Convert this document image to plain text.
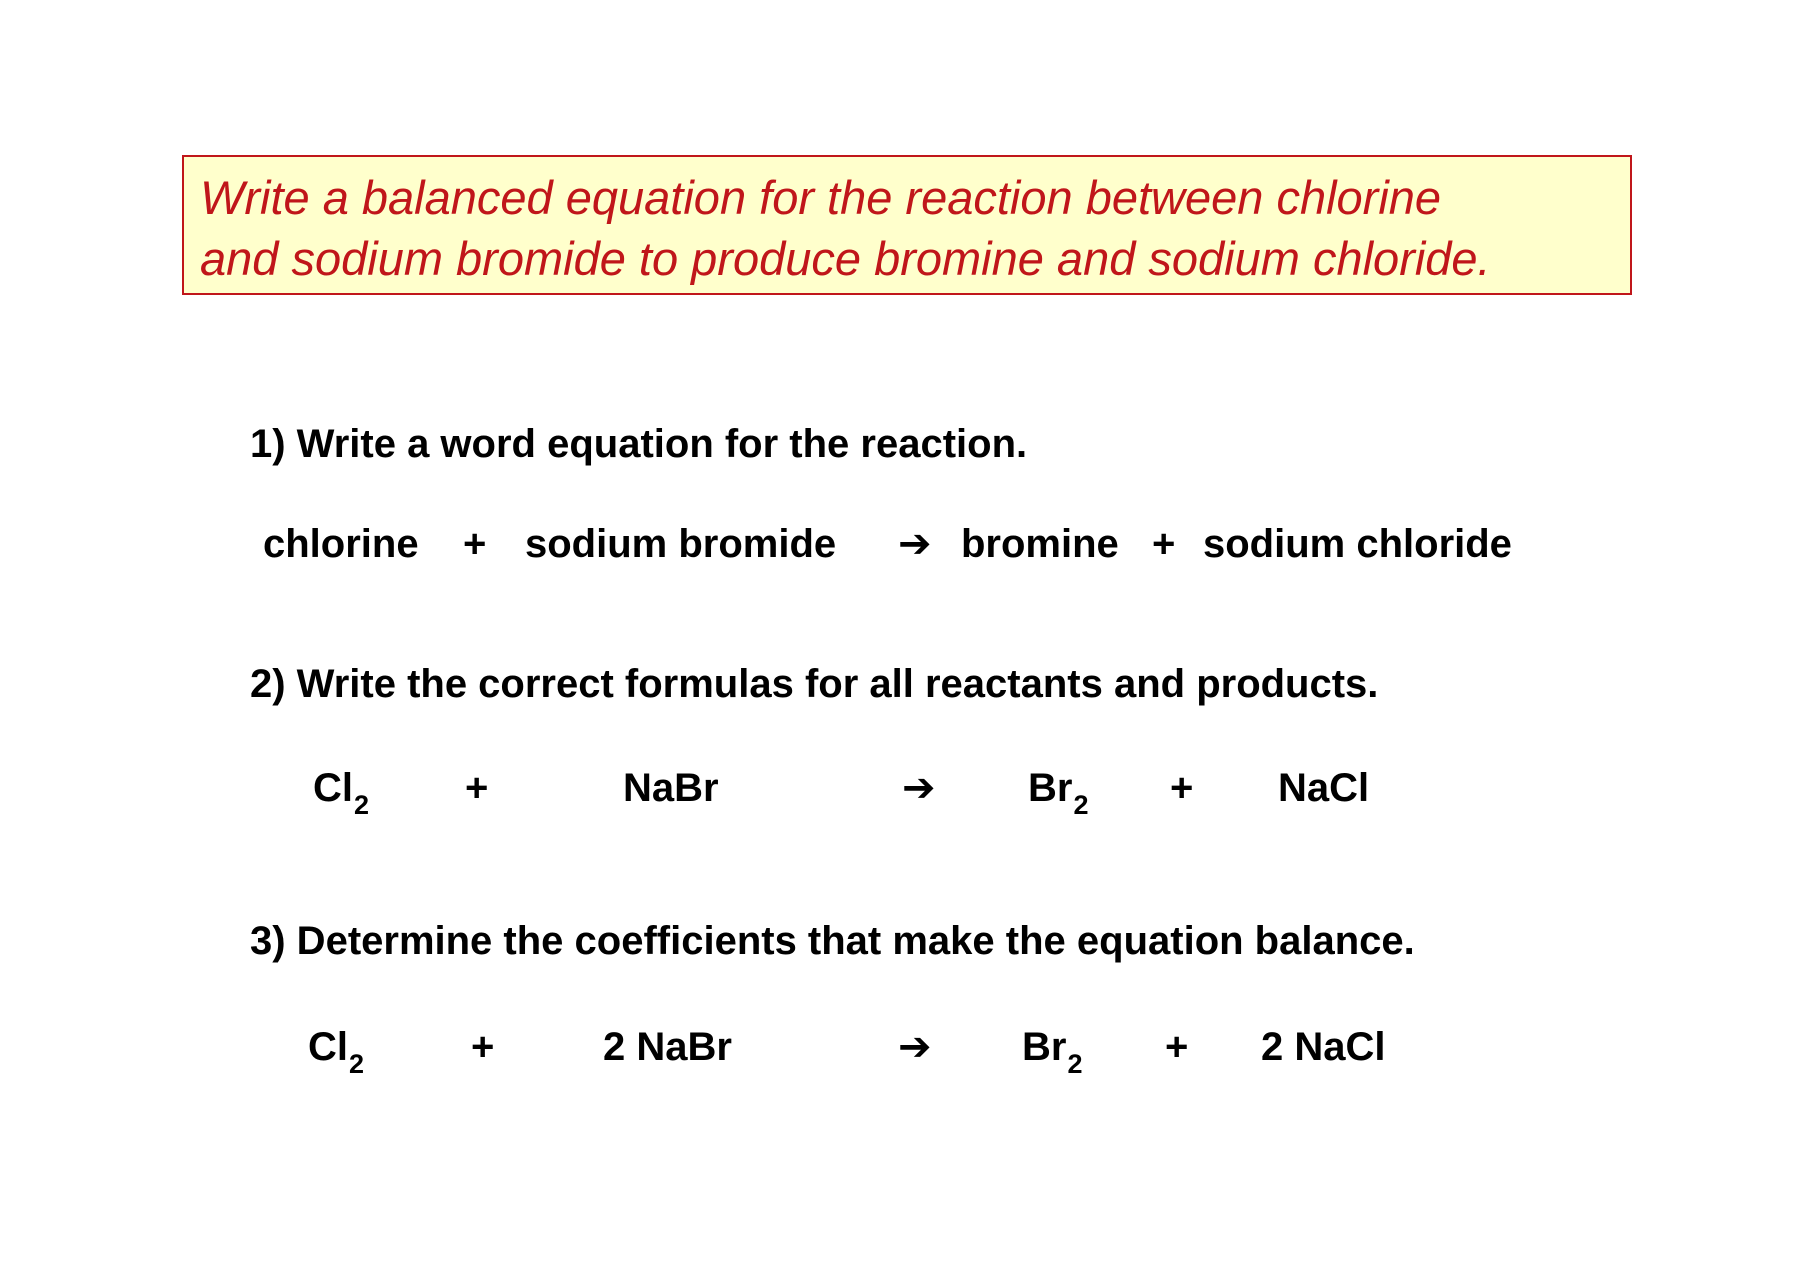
Write a balanced equation for the reaction between chlorine
and sodium bromide to produce bromine and sodium chloride.
1) Write a word equation for the reaction.
chlorine + sodium bromide ➔ bromine + sodium chloride
2) Write the correct formulas for all reactants and products.
$Cl_2$ +	NaBr	➔ $Br_2$ + NaCl
3) Determine the coefficients that make the equation balance.
$Cl_2$	+	2 NaBr	➔ $Br_2 + 2$ NaCl
